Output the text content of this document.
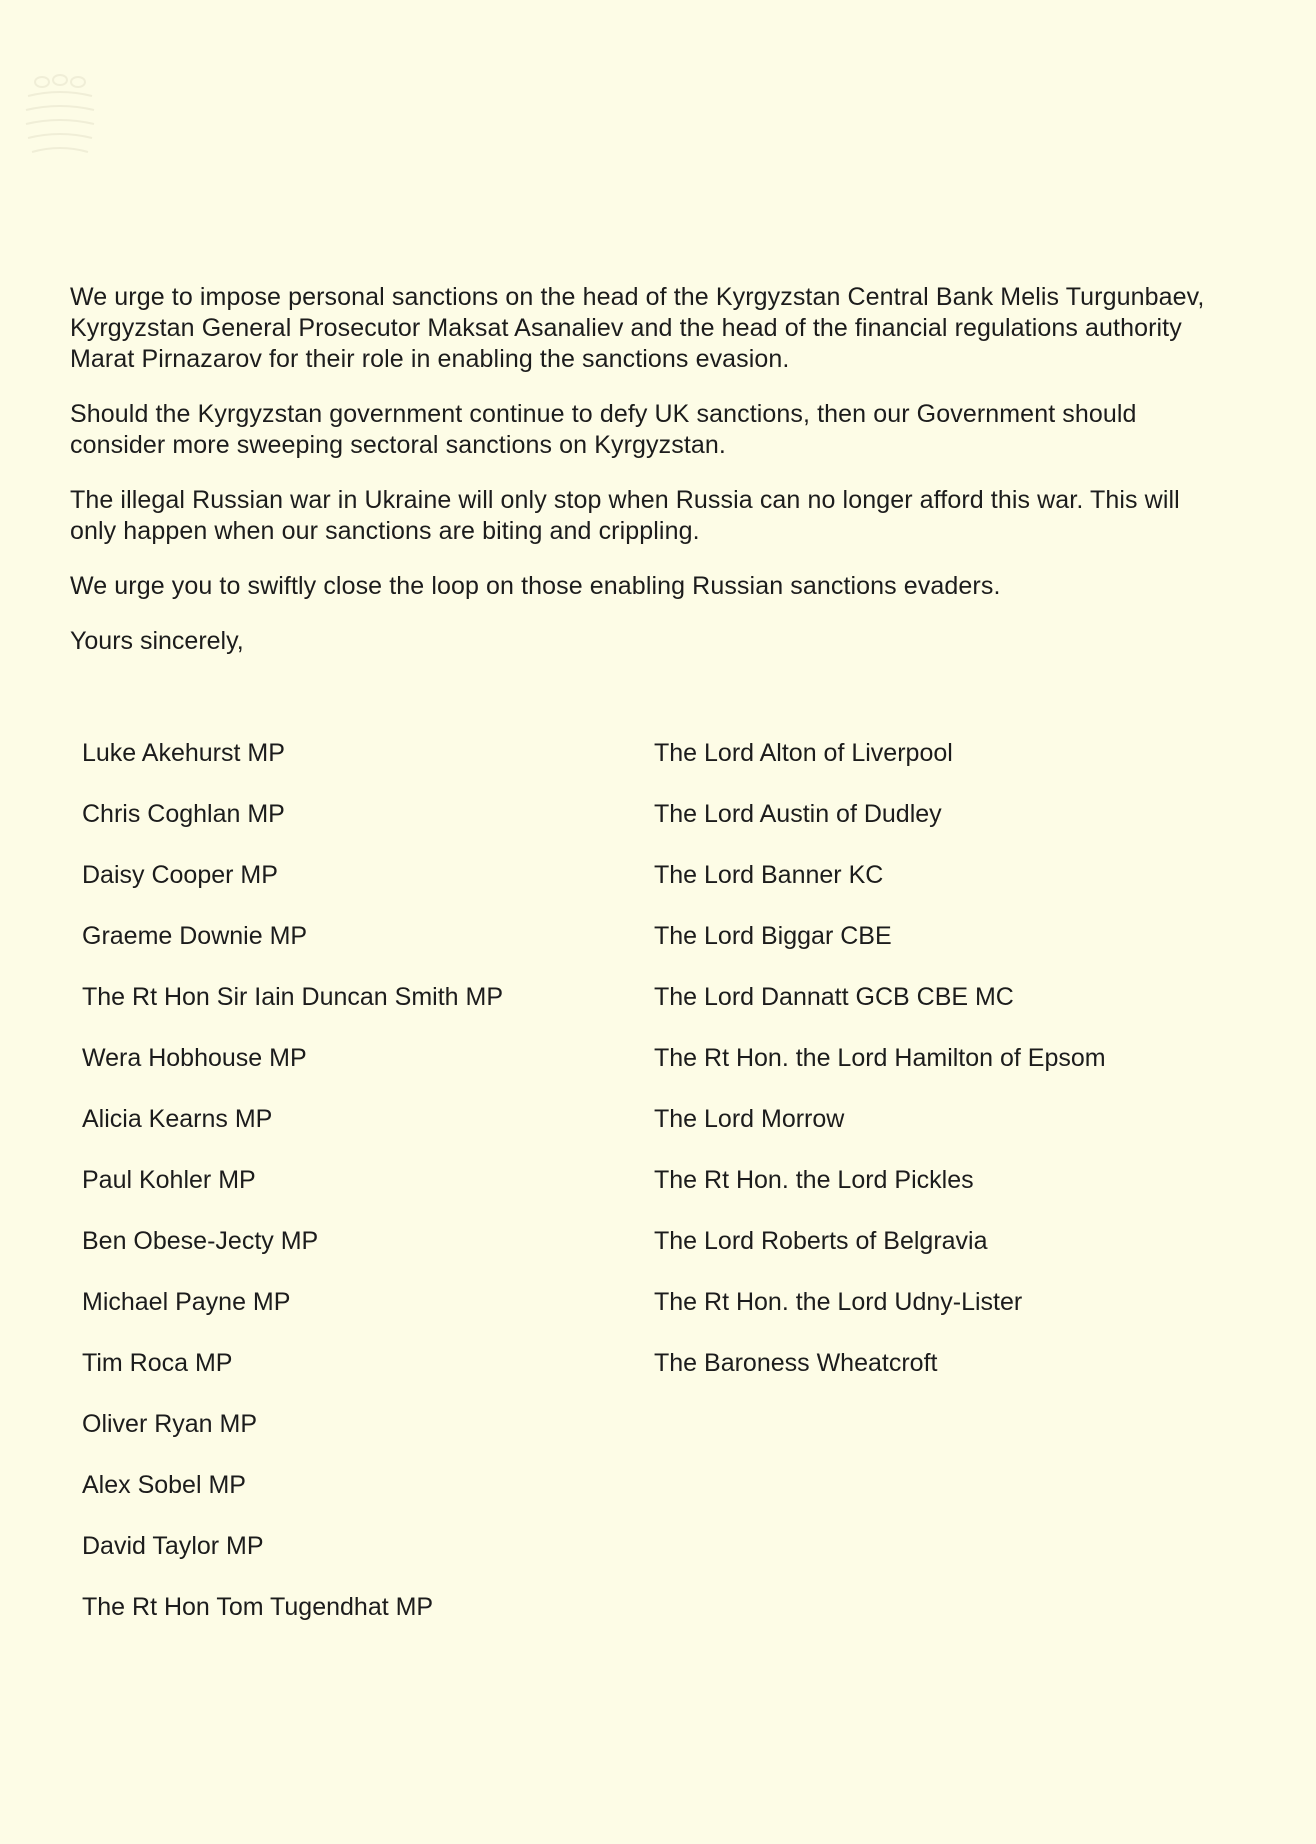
We urge to impose personal sanctions on the head of the Kyrgyzstan Central Bank Melis Turgunbaev, Kyrgyzstan General Prosecutor Maksat Asanaliev and the head of the financial regulations authority Marat Pirnazarov for their role in enabling the sanctions evasion.

Should the Kyrgyzstan government continue to defy UK sanctions, then our Government should consider more sweeping sectoral sanctions on Kyrgyzstan.

The illegal Russian war in Ukraine will only stop when Russia can no longer afford this war. This will only happen when our sanctions are biting and crippling.

We urge you to swiftly close the loop on those enabling Russian sanctions evaders.

Yours sincerely,

Luke Akehurst MP
Chris Coghlan MP
Daisy Cooper MP
Graeme Downie MP
The Rt Hon Sir Iain Duncan Smith MP
Wera Hobhouse MP
Alicia Kearns MP
Paul Kohler MP
Ben Obese-Jecty MP
Michael Payne MP
Tim Roca MP
Oliver Ryan MP
Alex Sobel MP
David Taylor MP
The Rt Hon Tom Tugendhat MP
The Lord Alton of Liverpool
The Lord Austin of Dudley
The Lord Banner KC
The Lord Biggar CBE
The Lord Dannatt GCB CBE MC
The Rt Hon. the Lord Hamilton of Epsom
The Lord Morrow
The Rt Hon. the Lord Pickles
The Lord Roberts of Belgravia
The Rt Hon. the Lord Udny-Lister
The Baroness Wheatcroft
